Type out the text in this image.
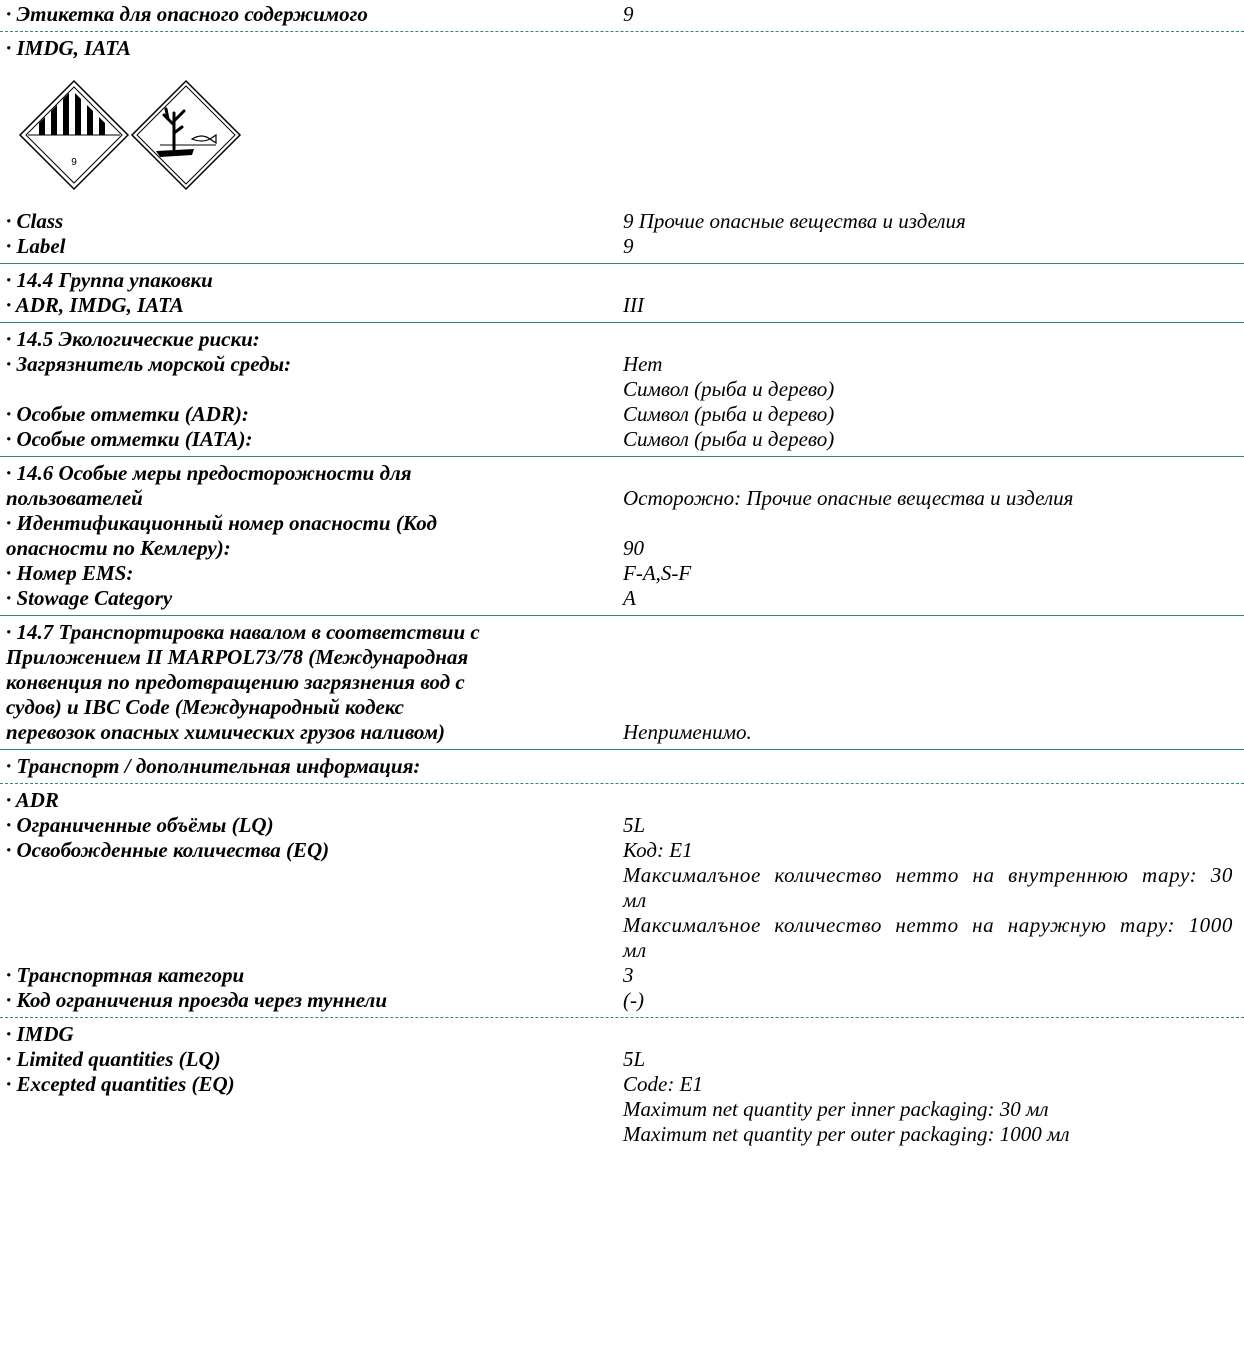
· Этикетка для опасного содержимого	9
· IMDG, IATA
9
· Class	9 Прочие опасные вещества и изделия
· Label	9
· 14.4 Группа упаковки
· ADR, IMDG, IATA	III
· 14.5 Экологические риски:
· Загрязнитель морской среды:	Нет
Символ (рыба и дерево)
· Особые отметки (ADR):	Символ (рыба и дерево)
· Особые отметки (IATA):	Символ (рыба и дерево)
· 14.6 Особые меры предосторожности для
пользователей	Осторожно: Прочие опасные вещества и изделия
· Идентификационный номер опасности (Код
опасности по Кемлеру):	90
· Номер EMS:	F-A,S-F
· Stowage Category	A
· 14.7 Транспортировка навалом в соответствии с
Приложением II MARPOL73/78 (Международная
конвенция по предотвращению загрязнения вод с
судов) и IBC Code (Международный кодекс
перевозок опасных химических грузов наливом)	Неприменимо.
· Транспорт / дополнительная информация:
· ADR
· Ограниченные объёмы (LQ)	5L
· Освобожденные количества (EQ)	Код: E1
Максималъное количество нетто на внутреннюю тару: 30 мл
Максималъное количество нетто на наружную тару: 1000 мл
· Транспортная категори	3
· Код ограничения проезда через туннели	(-)
· IMDG
· Limited quantities (LQ)	5L
· Excepted quantities (EQ)	Code: E1
Maximum net quantity per inner packaging: 30 мл
Maximum net quantity per outer packaging: 1000 мл
